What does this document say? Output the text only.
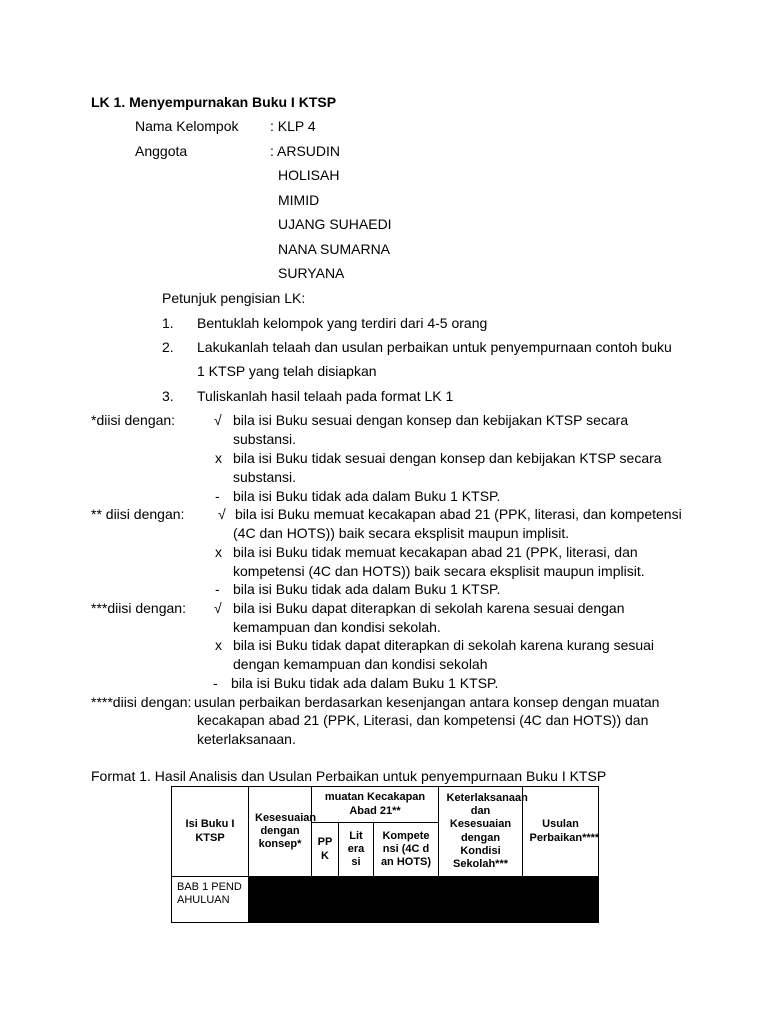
LK 1. Menyempurnakan Buku I KTSP
Nama Kelompok : KLP 4
Anggota	: ARSUDIN
HOLISAH
MIMID
UJANG SUHAEDI
NANA SUMARNA
SURYANA
Petunjuk pengisian LK:
1. Bentuklah kelompok yang terdiri dari 4-5 orang
2. Lakukanlah telaah dan usulan perbaikan untuk penyempurnaan contoh buku
1 KTSP yang telah disiapkan
3. Tuliskanlah hasil telaah pada format LK 1
*diisi dengan:	√ bila isi Buku sesuai dengan konsep dan kebijakan KTSP secara
substansi.
x bila isi Buku tidak sesuai dengan konsep dan kebijakan KTSP secara
substansi.
- bila isi Buku tidak ada dalam Buku 1 KTSP.
** diisi dengan: √ bila isi Buku memuat kecakapan abad 21 (PPK, literasi, dan kompetensi
(4C dan HOTS)) baik secara eksplisit maupun implisit.
x bila isi Buku tidak memuat kecakapan abad 21 (PPK, literasi, dan
kompetensi (4C dan HOTS)) baik secara eksplisit maupun implisit.
- bila isi Buku tidak ada dalam Buku 1 KTSP.
***diisi dengan: √ bila isi Buku dapat diterapkan di sekolah karena sesuai dengan
kemampuan dan kondisi sekolah.
x bila isi Buku tidak dapat diterapkan di sekolah karena kurang sesuai
dengan kemampuan dan kondisi sekolah
- bila isi Buku tidak ada dalam Buku 1 KTSP.
****diisi dengan: usulan perbaikan berdasarkan kesenjangan antara konsep dengan muatan
kecakapan abad 21 (PPK, Literasi, dan kompetensi (4C dan HOTS)) dan
keterlaksanaan.
Format 1. Hasil Analisis dan Usulan Perbaikan untuk penyempurnaan Buku I KTSP
Isi Buku I KTSP	Kesesuaian dengan konsep*	muatan Kecakapan Abad 21**			Keterlaksanaan dan Kesesuaian dengan Kondisi Sekolah***	Usulan Perbaikan****

		PPK	Literasi	Kompetensi (4C dan HOTS)		

BAB 1 PENDAHULUAN						
